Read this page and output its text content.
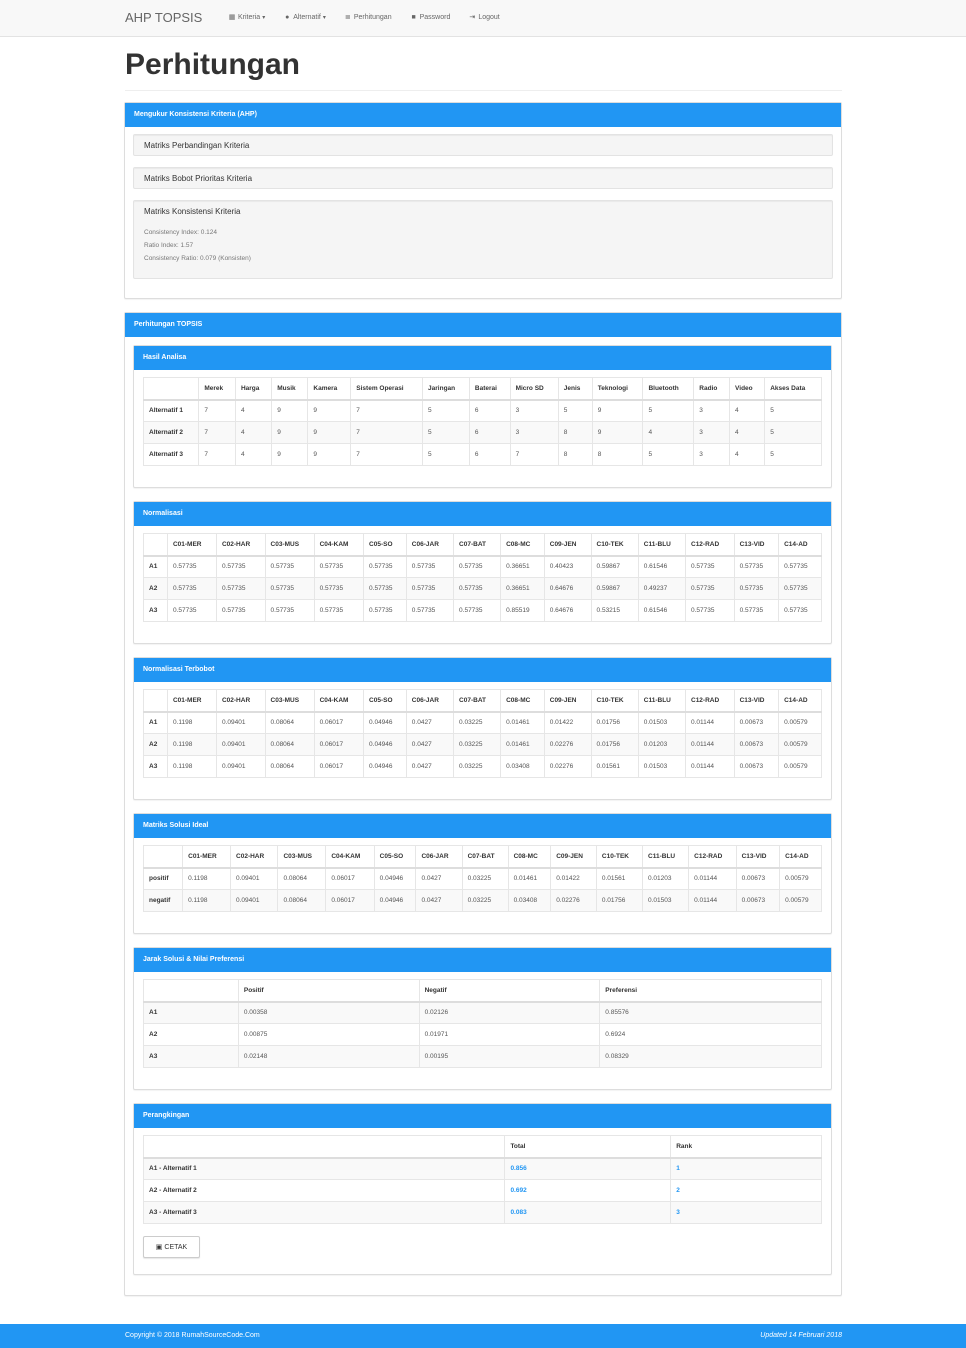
AHP TOPSIS	▦ Kriteria ▾	● Alternatif ▾	≣ Perhitungan	■ Password	⇥ Logout
Perhitungan
Mengukur Konsistensi Kriteria (AHP)
Matriks Perbandingan Kriteria
Matriks Bobot Prioritas Kriteria
Matriks Konsistensi Kriteria
Consistency Index: 0.124
Ratio Index: 1.57
Consistency Ratio: 0.079 (Konsisten)
Perhitungan TOPSIS
Hasil Analisa
	Merek	Harga	Musik	Kamera	Sistem Operasi	Jaringan	Baterai	Micro SD	Jenis	Teknologi	Bluetooth	Radio	Video	Akses Data
Alternatif 1	7	4	9	9	7	5	6	3	5	9	5	3	4	5
Alternatif 2	7	4	9	9	7	5	6	3	8	9	4	3	4	5
Alternatif 3	7	4	9	9	7	5	6	7	8	8	5	3	4	5
Normalisasi
	C01-MER	C02-HAR	C03-MUS	C04-KAM	C05-SO	C06-JAR	C07-BAT	C08-MC	C09-JEN	C10-TEK	C11-BLU	C12-RAD	C13-VID	C14-AD
A1	0.57735	0.57735	0.57735	0.57735	0.57735	0.57735	0.57735	0.36651	0.40423	0.59867	0.61546	0.57735	0.57735	0.57735
A2	0.57735	0.57735	0.57735	0.57735	0.57735	0.57735	0.57735	0.36651	0.64676	0.59867	0.49237	0.57735	0.57735	0.57735
A3	0.57735	0.57735	0.57735	0.57735	0.57735	0.57735	0.57735	0.85519	0.64676	0.53215	0.61546	0.57735	0.57735	0.57735
Normalisasi Terbobot
	C01-MER	C02-HAR	C03-MUS	C04-KAM	C05-SO	C06-JAR	C07-BAT	C08-MC	C09-JEN	C10-TEK	C11-BLU	C12-RAD	C13-VID	C14-AD
A1	0.1198	0.09401	0.08064	0.06017	0.04946	0.0427	0.03225	0.01461	0.01422	0.01756	0.01503	0.01144	0.00673	0.00579
A2	0.1198	0.09401	0.08064	0.06017	0.04946	0.0427	0.03225	0.01461	0.02276	0.01756	0.01203	0.01144	0.00673	0.00579
A3	0.1198	0.09401	0.08064	0.06017	0.04946	0.0427	0.03225	0.03408	0.02276	0.01561	0.01503	0.01144	0.00673	0.00579
Matriks Solusi Ideal
	C01-MER	C02-HAR	C03-MUS	C04-KAM	C05-SO	C06-JAR	C07-BAT	C08-MC	C09-JEN	C10-TEK	C11-BLU	C12-RAD	C13-VID	C14-AD
positif	0.1198	0.09401	0.08064	0.06017	0.04946	0.0427	0.03225	0.01461	0.01422	0.01561	0.01203	0.01144	0.00673	0.00579
negatif	0.1198	0.09401	0.08064	0.06017	0.04946	0.0427	0.03225	0.03408	0.02276	0.01756	0.01503	0.01144	0.00673	0.00579
Jarak Solusi & Nilai Preferensi
	Positif	Negatif	Preferensi
A1	0.00358	0.02126	0.85576
A2	0.00875	0.01971	0.6924
A3	0.02148	0.00195	0.08329
Perangkingan
	Total	Rank
A1 - Alternatif 1	0.856	1
A2 - Alternatif 2	0.692	2
A3 - Alternatif 3	0.083	3
▣ CETAK
Copyright © 2018 RumahSourceCode.Com	Updated 14 Februari 2018
